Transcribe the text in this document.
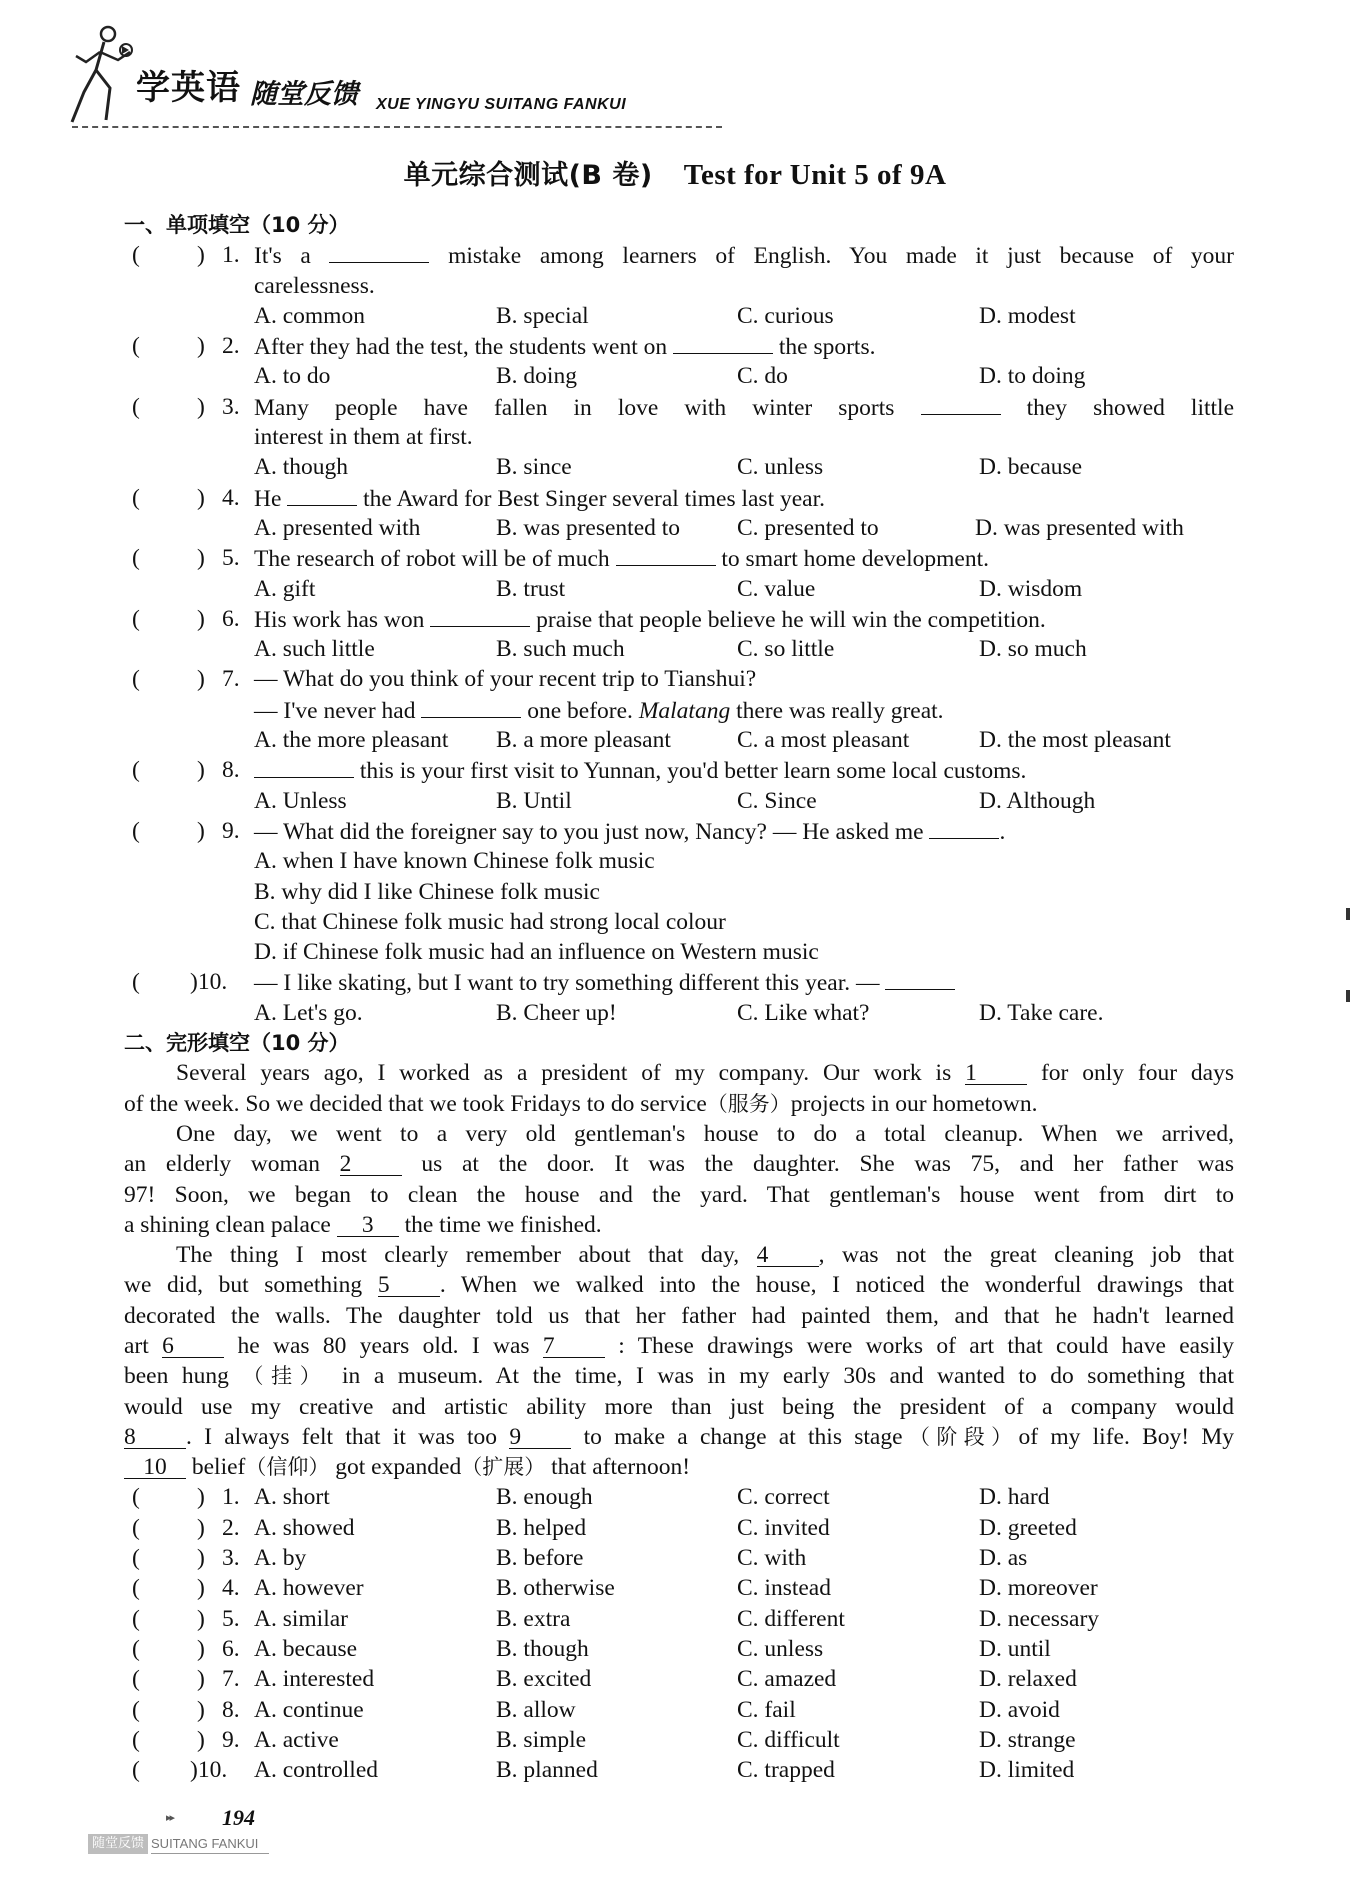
学英语 随堂反馈 XUE YINGYU SUITANG FANKUI
单元综合测试(B 卷) Test for Unit 5 of 9A
一、单项填空（10 分）
( ) 1. It's a	mistake among learners of English. You made it just because of your
carelessness.
A. common	B. special	C. curious	D. modest
( ) 2. After they had the test, the students went on	the sports.
A. to do	B. doing	C. do	D. to doing
( ) 3. Many people have fallen in love with winter sports	they showed little
interest in them at first.
A. though	B. since	C. unless	D. because
( ) 4. He	the Award for Best Singer several times last year.
A. presented with	B. was presented to C. presented to	D. was presented with
( ) 5. The research of robot will be of much	to smart home development.
A. gift	B. trust	C. value	D. wisdom
( ) 6. His work has won	praise that people believe he will win the competition.
A. such little	B. such much	C. so little	D. so much
( ) 7. — What do you think of your recent trip to Tianshui?
— I've never had	one before. Malatang there was really great.
A. the more pleasant B. a more pleasant	C. a most pleasant	D. the most pleasant
( ) 8.	this is your first visit to Yunnan, you'd better learn some local customs.
A. Unless	B. Until	C. Since	D. Although
( ) 9. — What did the foreigner say to you just now, Nancy? — He asked me	.
A. when I have known Chinese folk music
B. why did I like Chinese folk music
C. that Chinese folk music had strong local colour
D. if Chinese folk music had an influence on Western music
( )10. — I like skating, but I want to try something different this year. —
A. Let's go.	B. Cheer up!	C. Like what?	D. Take care.
二、完形填空（10 分）
Several years ago, I worked as a president of my company. Our work is 1	for only four days
of the week. So we decided that we took Fridays to do service（服务）projects in our hometown.
One day, we went to a very old gentleman's house to do a total cleanup. When we arrived,
an elderly woman 2	us at the door. It was the daughter. She was 75, and her father was
97! Soon, we began to clean the house and the yard. That gentleman's house went from dirt to
a shining clean palace 3 the time we finished.
The thing I most clearly remember about that day, 4 , was not the great cleaning job that
we did, but something 5 . When we walked into the house, I noticed the wonderful drawings that
decorated the walls. The daughter told us that her father had painted them, and that he hadn't learned
art 6	he was 80 years old. I was 7	: These drawings were works of art that could have easily
been hung （挂） in a museum. At the time, I was in my early 30s and wanted to do something that
would use my creative and artistic ability more than just being the president of a company would
8 . I always felt that it was too 9	to make a change at this stage（阶段）of my life. Boy! My
10 belief（信仰） got expanded（扩展） that afternoon!
( ) 1. A. short	B. enough	C. correct	D. hard
( ) 2. A. showed	B. helped	C. invited	D. greeted
( ) 3. A. by	B. before	C. with	D. as
( ) 4. A. however	B. otherwise	C. instead	D. moreover
( ) 5. A. similar	B. extra	C. different	D. necessary
( ) 6. A. because	B. though	C. unless	D. until
( ) 7. A. interested	B. excited	C. amazed	D. relaxed
( ) 8. A. continue	B. allow	C. fail	D. avoid
( ) 9. A. active	B. simple	C. difficult	D. strange
( )10. A. controlled	B. planned	C. trapped	D. limited
▸▸ 194
随堂反馈 SUITANG FANKUI
